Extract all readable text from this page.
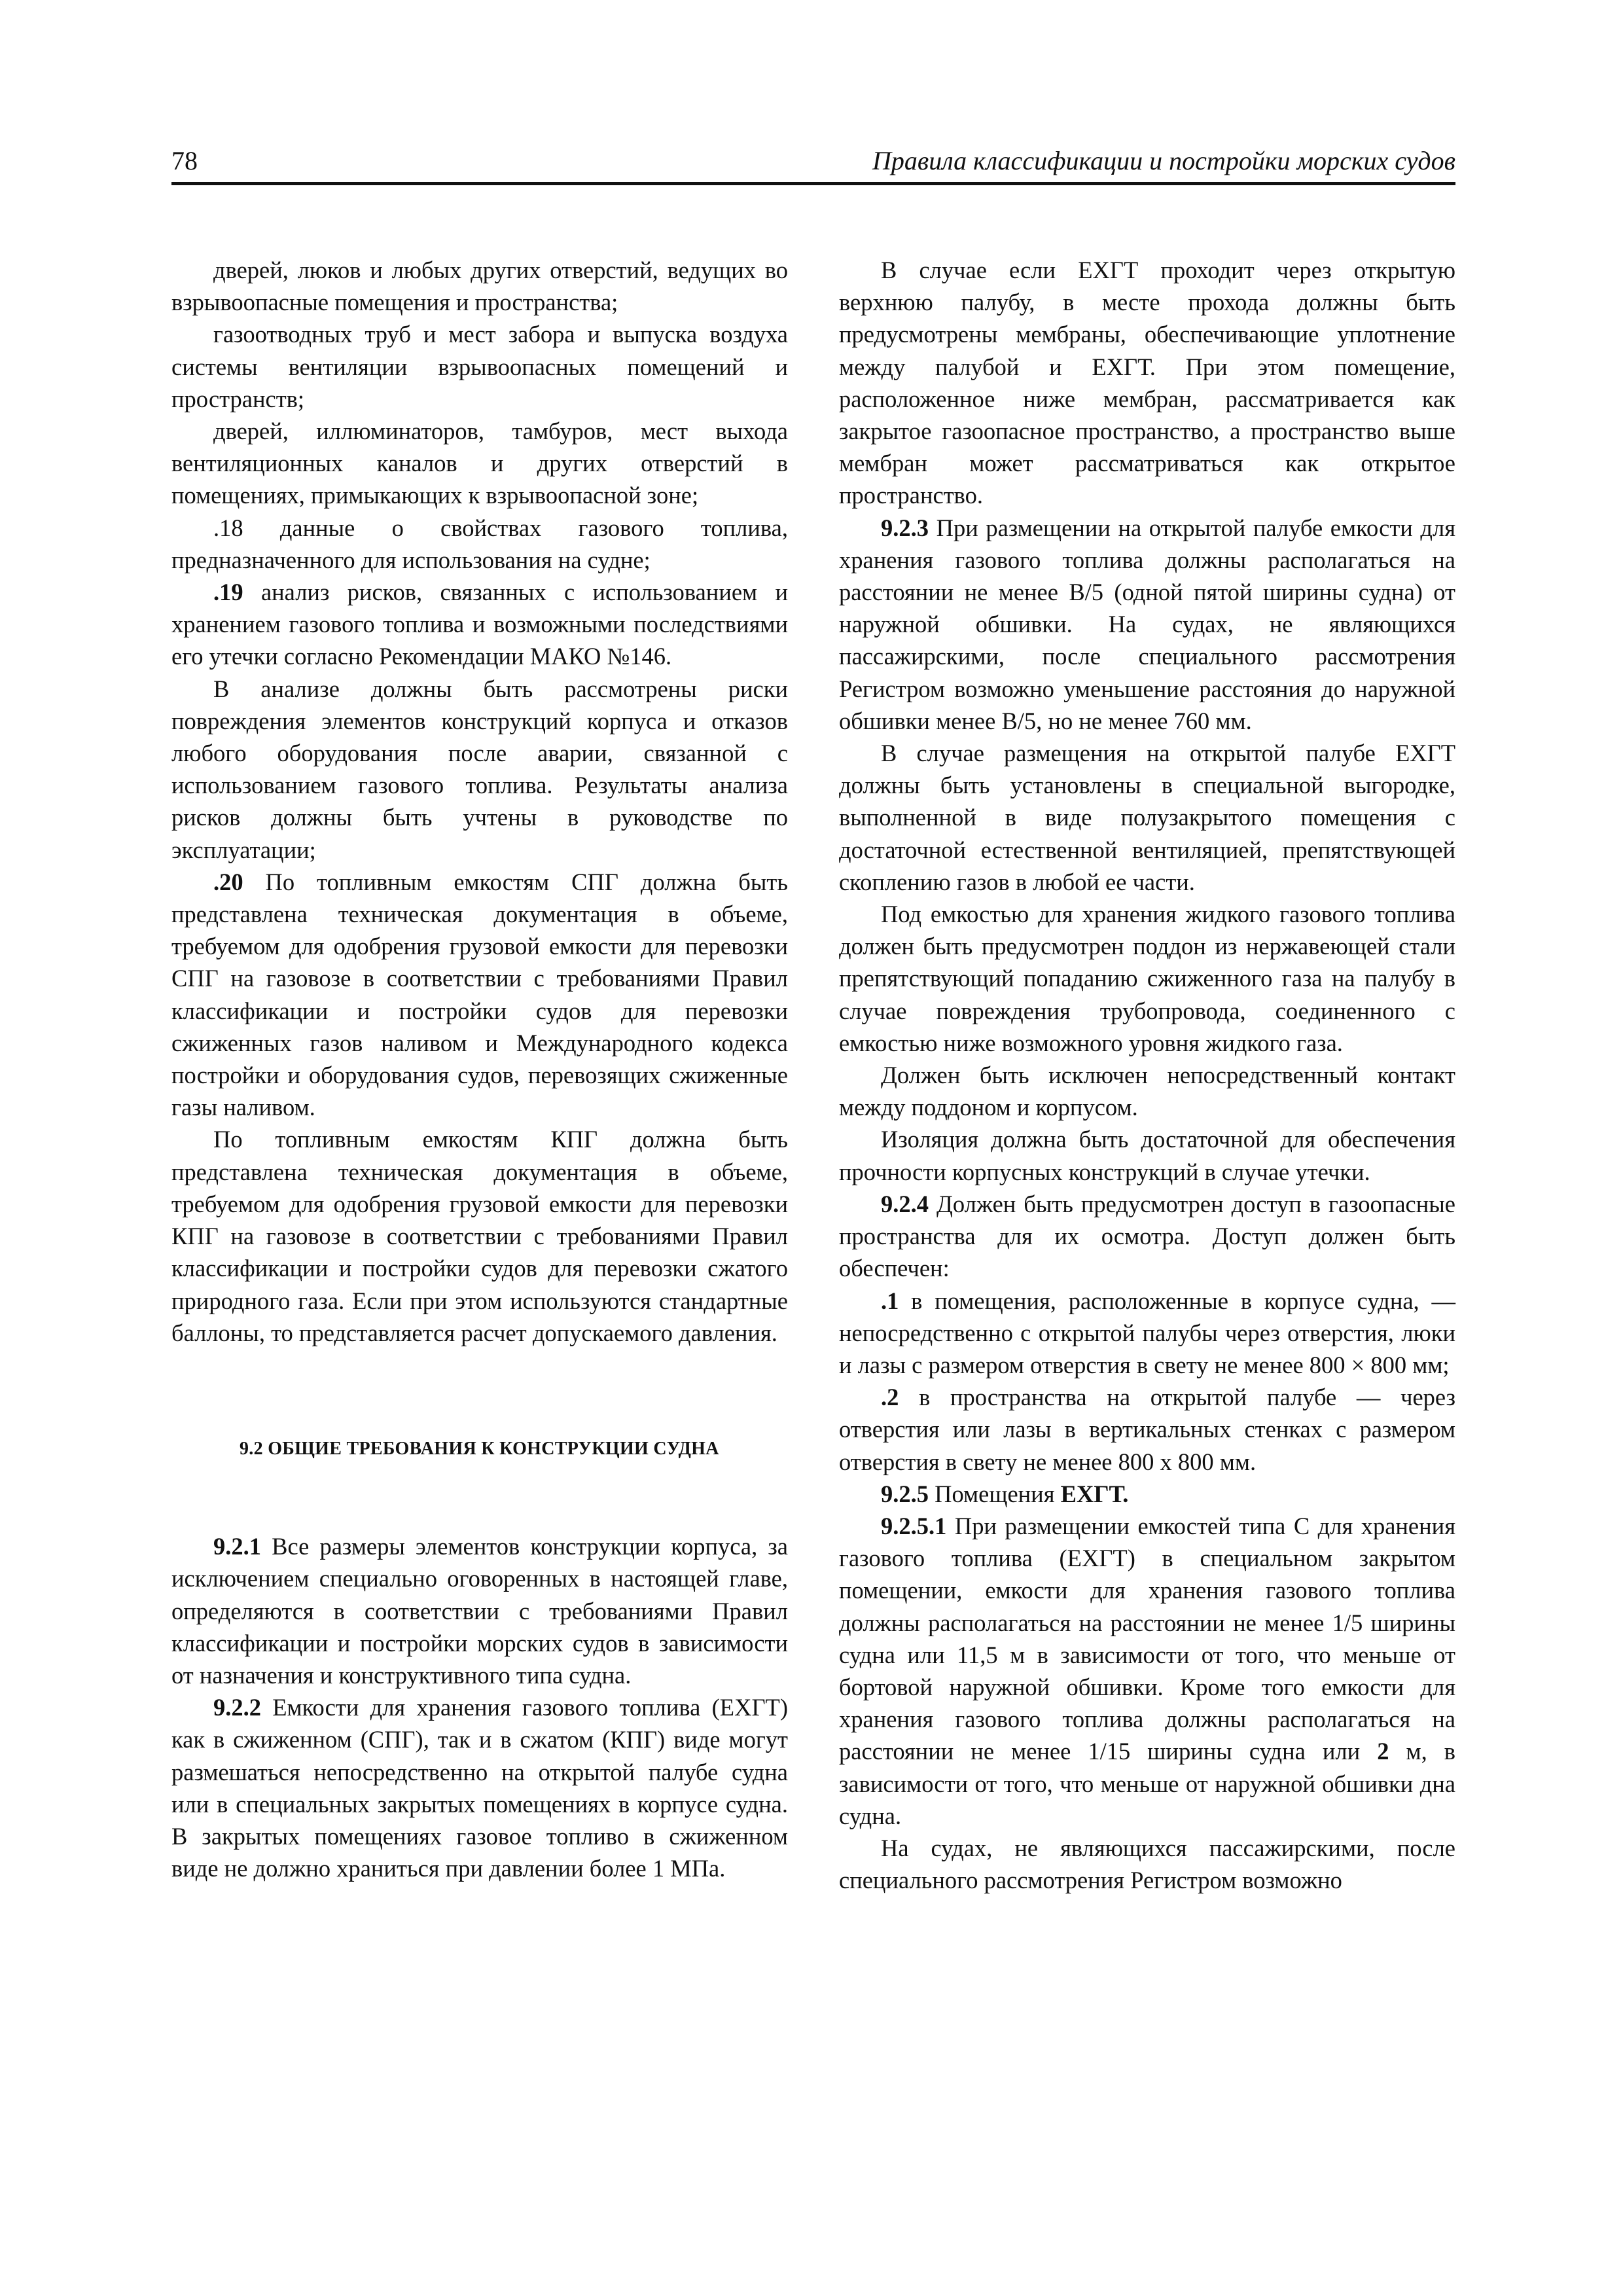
78	Правила классификации и постройки морских судов

дверей, люков и любых других отверстий, ведущих во взрывоопасные помещения и пространства;

газоотводных труб и мест забора и выпуска воздуха системы вентиляции взрывоопасных помещений и пространств;

дверей, иллюминаторов, тамбуров, мест выхода вентиляционных каналов и других отверстий в помещениях, примыкающих к взрывоопасной зоне;

.18 данные о свойствах газового топлива, предназначенного для использования на судне;

.19 анализ рисков, связанных с использованием и хранением газового топлива и возможными последствиями его утечки согласно Рекомендации МАКО №146.

В анализе должны быть рассмотрены риски повреждения элементов конструкций корпуса и отказов любого оборудования после аварии, связанной с использованием газового топлива. Результаты анализа рисков должны быть учтены в руководстве по эксплуатации;

.20 По топливным емкостям СПГ должна быть представлена техническая документация в объеме, требуемом для одобрения грузовой емкости для перевозки СПГ на газовозе в соответствии с требованиями Правил классификации и постройки судов для перевозки сжиженных газов наливом и Международного кодекса постройки и оборудования судов, перевозящих сжиженные газы наливом.

По топливным емкостям КПГ должна быть представлена техническая документация в объеме, требуемом для одобрения грузовой емкости для перевозки КПГ на газовозе в соответствии с требованиями Правил классификации и постройки судов для перевозки сжатого природного газа. Если при этом используются стандартные баллоны, то представляется расчет допускаемого давления.

9.2 ОБЩИЕ ТРЕБОВАНИЯ К КОНСТРУКЦИИ СУДНА

9.2.1 Все размеры элементов конструкции корпуса, за исключением специально оговоренных в настоящей главе, определяются в соответствии с требованиями Правил классификации и постройки морских судов в зависимости от назначения и конструктивного типа судна.

9.2.2 Емкости для хранения газового топлива (ЕХГТ) как в сжиженном (СПГ), так и в сжатом (КПГ) виде могут размешаться непосредственно на открытой палубе судна или в специальных закрытых помещениях в корпусе судна. В закрытых помещениях газовое топливо в сжиженном виде не должно храниться при давлении более 1 МПа.

В случае если ЕХГТ проходит через открытую верхнюю палубу, в месте прохода должны быть предусмотрены мембраны, обеспечивающие уплотнение между палубой и ЕХГТ. При этом помещение, расположенное ниже мембран, рассматривается как закрытое газоопасное пространство, а пространство выше мембран может рассматриваться как открытое пространство.

9.2.3 При размещении на открытой палубе емкости для хранения газового топлива должны располагаться на расстоянии не менее В/5 (одной пятой ширины судна) от наружной обшивки. На судах, не являющихся пассажирскими, после специального рассмотрения Регистром возможно уменьшение расстояния до наружной обшивки менее В/5, но не менее 760 мм.

В случае размещения на открытой палубе ЕХГТ должны быть установлены в специальной выгородке, выполненной в виде полузакрытого помещения с достаточной естественной вентиляцией, препятствующей скоплению газов в любой ее части.

Под емкостью для хранения жидкого газового топлива должен быть предусмотрен поддон из нержавеющей стали препятствующий попаданию сжиженного газа на палубу в случае повреждения трубопровода, соединенного с емкостью ниже возможного уровня жидкого газа.

Должен быть исключен непосредственный контакт между поддоном и корпусом.

Изоляция должна быть достаточной для обеспечения прочности корпусных конструкций в случае утечки.

9.2.4 Должен быть предусмотрен доступ в газоопасные пространства для их осмотра. Доступ должен быть обеспечен:

.1 в помещения, расположенные в корпусе судна, — непосредственно с открытой палубы через отверстия, люки и лазы с размером отверстия в свету не менее 800 × 800 мм;

.2 в пространства на открытой палубе — через отверстия или лазы в вертикальных стенках с размером отверстия в свету не менее 800 х 800 мм.

9.2.5 Помещения ЕХГТ.

9.2.5.1 При размещении емкостей типа С для хранения газового топлива (ЕХГТ) в специальном закрытом помещении, емкости для хранения газового топлива должны располагаться на расстоянии не менее 1/5 ширины судна или 11,5 м в зависимости от того, что меньше от бортовой наружной обшивки. Кроме того емкости для хранения газового топлива должны располагаться на расстоянии не менее 1/15 ширины судна или 2 м, в зависимости от того, что меньше от наружной обшивки дна судна.

На судах, не являющихся пассажирскими, после специального рассмотрения Регистром возможно
